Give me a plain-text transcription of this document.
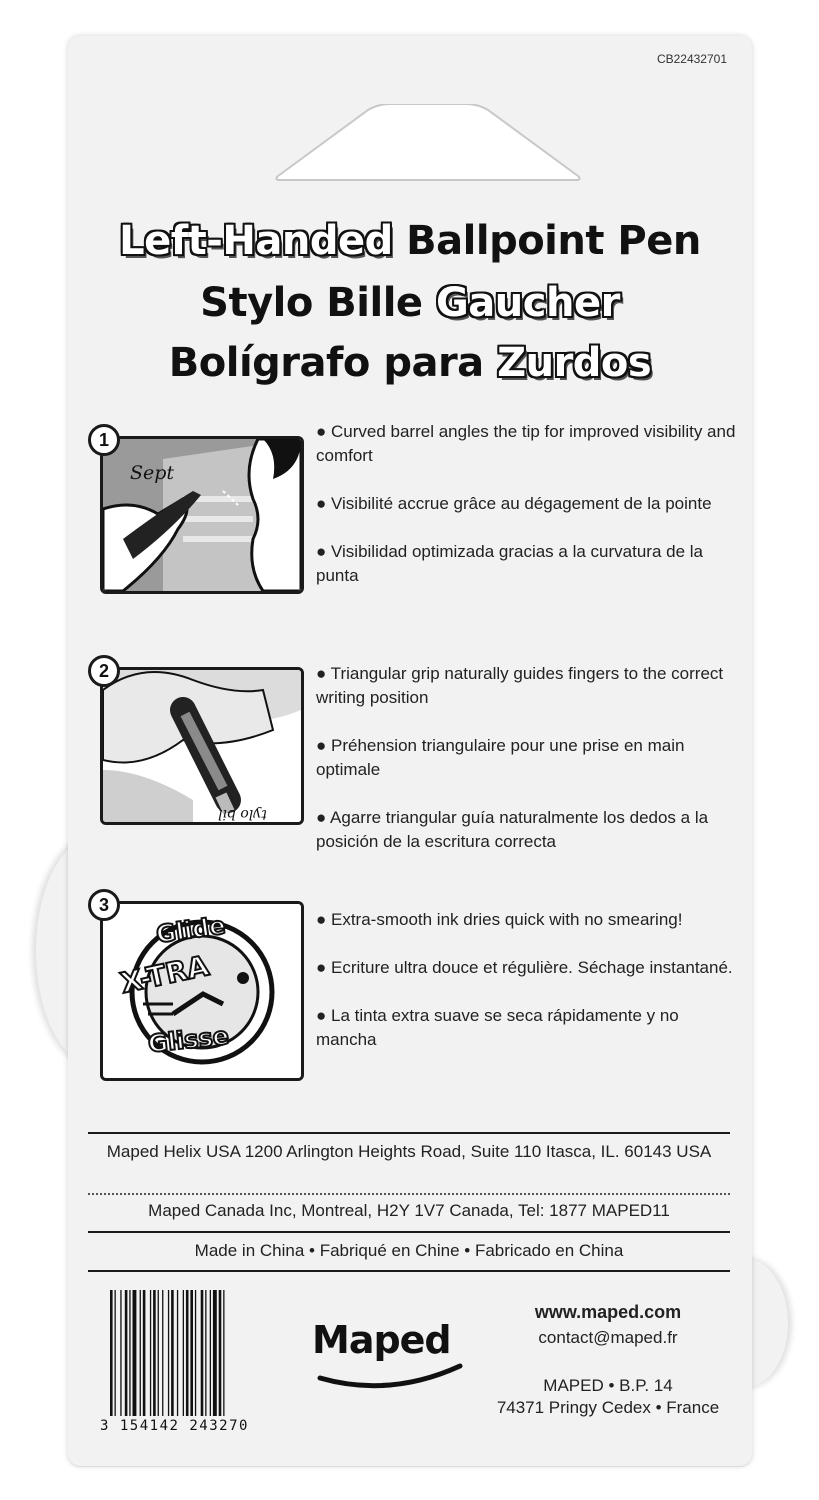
CB22432701
Left-Handed Ballpoint Pen
Stylo Bille Gaucher
Bolígrafo para Zurdos
Sept
1	● Curved barrel angles the tip for improved visibility and comfort

● Visibilité accrue grâce au dégagement de la pointe

● Visibilidad optimizada gracias a la curvatura de la punta

tylo bil
2	● Triangular grip naturally guides fingers to the correct writing position

● Préhension triangulaire pour une prise en main optimale

● Agarre triangular guía naturalmente los dedos a la posición de la escritura correcta

Glide
X-TRA
Glisse
3

● Extra-smooth ink dries quick with no smearing!

● Ecriture ultra douce et régulière. Séchage instantané.

● La tinta extra suave se seca rápidamente y no mancha

Maped Helix USA 1200 Arlington Heights Road, Suite 110 Itasca, IL. 60143 USA
Maped Canada Inc, Montreal, H2Y 1V7 Canada, Tel: 1877 MAPED11
Made in China • Fabriqué en Chine • Fabricado en China
3 154142 243270
Maped
www.maped.com
contact@maped.fr
MAPED • B.P. 14
74371 Pringy Cedex • France
